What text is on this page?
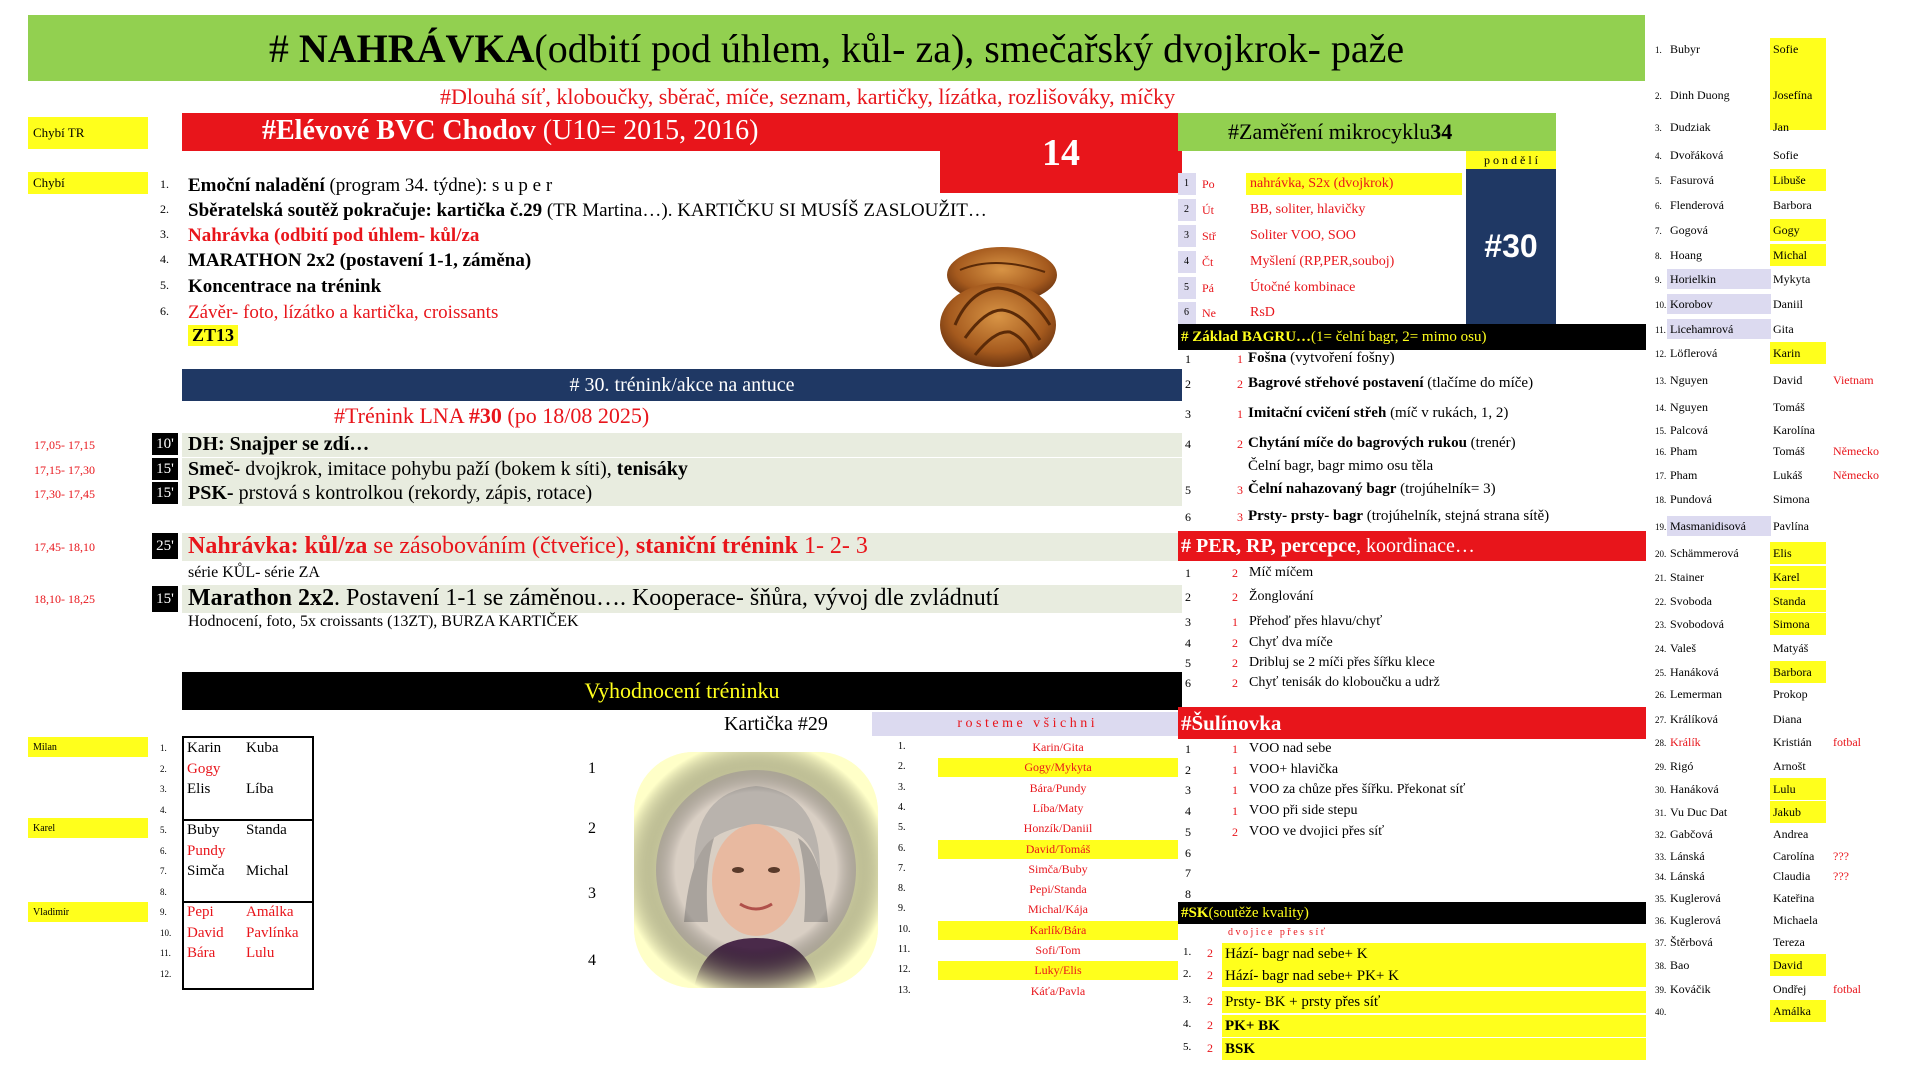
#
NAHRÁVKA (odbití pod úhlem, kůl- za), smečařský dvojkrok- paže
#Dlouhá síť, kloboučky, sběrač, míče, seznam, kartičky, lízátka, rozlišováky, míčky
Chybí TR
Chybí
Milan
Karel
Vladimír
#Elévové BVC Chodov (U10= 2015, 2016)
14
1. Emoční naladění (program 34. týdne): s u p e r
2. Sběratelská soutěž pokračuje: kartička č.29 (TR Martina…). KARTIČKU SI MUSÍŠ ZASLOUŽIT…
3. Nahrávka (odbití pod úhlem- kůl/za
4. MARATHON 2x2 (postavení 1-1, záměna)
5. Koncentrace na trénink
6. Závěr- foto, lízátko a kartička, croissants
ZT13
# 30. trénink/akce na antuce
#Trénink LNA #30 (po 18/08 2025)
17,05- 17,15	10' DH: Snajper se zdí…
17,15- 17,30	15' Smeč- dvojkrok, imitace pohybu paží (bokem k síti), tenisáky
17,30- 17,45	15' PSK- prstová s kontrolkou (rekordy, zápis, rotace)
17,45- 18,10	25' Nahrávka: kůl/za se zásobováním (čtveřice), staniční trénink 1- 2- 3
série KŮL- série ZA
18,10- 18,25	15' Marathon 2x2. Postavení 1-1 se záměnou…. Kooperace- šňůra, vývoj dle zvládnutí
Hodnocení, foto, 5x croissants (13ZT), BURZA KARTIČEK
Vyhodnocení tréninku
Kartička #29
1. Karin Kuba
2. Gogy
3. Elis Líba
4.
5. Buby Standa
6. Pundy
7. Simča Michal
8.
9. Pepi Amálka
10. David Pavlínka
11. Bára Lulu
12.
1
2
3
4
r o s t e m e   v š i c h n i
1.	Karin/Gita
2.	Gogy/Mykyta
3.	Bára/Pundy
4.	Líba/Maty
5.	Honzík/Daniil
6.	David/Tomáš
7.	Simča/Buby
8.	Pepi/Standa
9.	Michal/Kája
10.	Karlík/Bára
11.	Sofi/Tom
12.	Luky/Elis
13.	Káťa/Pavla
#Zaměření mikrocyklu 34
p o n d ě l í
#30
1 Po	nahrávka, S2x (dvojkrok)
2 Út	BB, soliter, hlavičky
3 Stř Soliter VOO, SOO
4 Čt	Myšlení (RP,PER,souboj)
5 Pá	Útočné kombinace
6 Ne RsD
# Základ BAGRU… (1= čelní bagr, 2= mimo osu)
1	1 Fošna (vytvoření fošny)
2	2 Bagrové střehové postavení (tlačíme do míče)
3	1 Imitační cvičení střeh (míč v rukách, 1, 2)
4	2 Chytání míče do bagrových rukou (trenér)
Čelní bagr, bagr mimo osu těla
5	3 Čelní nahazovaný bagr (trojúhelník= 3)
6	3 Prsty- prsty- bagr (trojúhelník, stejná strana sítě)
# PER, RP, percepce , koordinace…
1	2 Míč míčem
2	2 Žonglování
3	1 Přehoď přes hlavu/chyť
4	2 Chyť dva míče
5	2 Dribluj se 2 míči přes šířku klece
6	2 Chyť tenisák do kloboučku a udrž
#Šulínovka
1	1 VOO nad sebe
2	1 VOO+ hlavička
3	1 VOO za chůze přes šířku. Překonat síť
4	1 VOO při side stepu
5	2 VOO ve dvojici přes síť
6
7
8
#SK (soutěže kvality)
d v o j i c e   p ř e s  s í ť
1. 2 Hází- bagr nad sebe+ K
2. 2 Hází- bagr nad sebe+ PK+ K
3. 2 Prsty- BK + prsty přes síť
4. 2 PK+ BK
5. 2 BSK
1. Bubyr	Sofie
2. Dinh Duong	Josefína
3. Dudziak	Jan
4. Dvořáková	Sofie
5. Fasurová	Libuše
6. Flenderová	Barbora
7. Gogová	Gogy
8. Hoang	Michal
9. Horielkin	Mykyta
10. Korobov	Daniil
11. Licehamrová	Gita
12. Löflerová	Karin
13. Nguyen	David	Vietnam
14. Nguyen	Tomáš
15. Palcová	Karolína
16. Pham	Tomáš Německo
17. Pham	Lukáš	Německo
18. Pundová	Simona
19. Masmanidisová Pavlína
20. Schämmerová	Elis
21. Stainer	Karel
22. Svoboda	Standa
23. Svobodová	Simona
24. Valeš	Matyáš
25. Hanáková	Barbora
26. Lemerman	Prokop
27. Králíková	Diana
28. Králík	Kristián fotbal
29. Rigó	Arnošt
30. Hanáková	Lulu
31. Vu Duc Dat	Jakub
32. Gabčová	Andrea
33. Lánská	Carolína ???
34. Lánská	Claudia ???
35. Kuglerová	Kateřina
36. Kuglerová	Michaela
37. Štěrbová	Tereza
38. Bao	David
39. Kováčik	Ondřej fotbal
40.	Amálka
